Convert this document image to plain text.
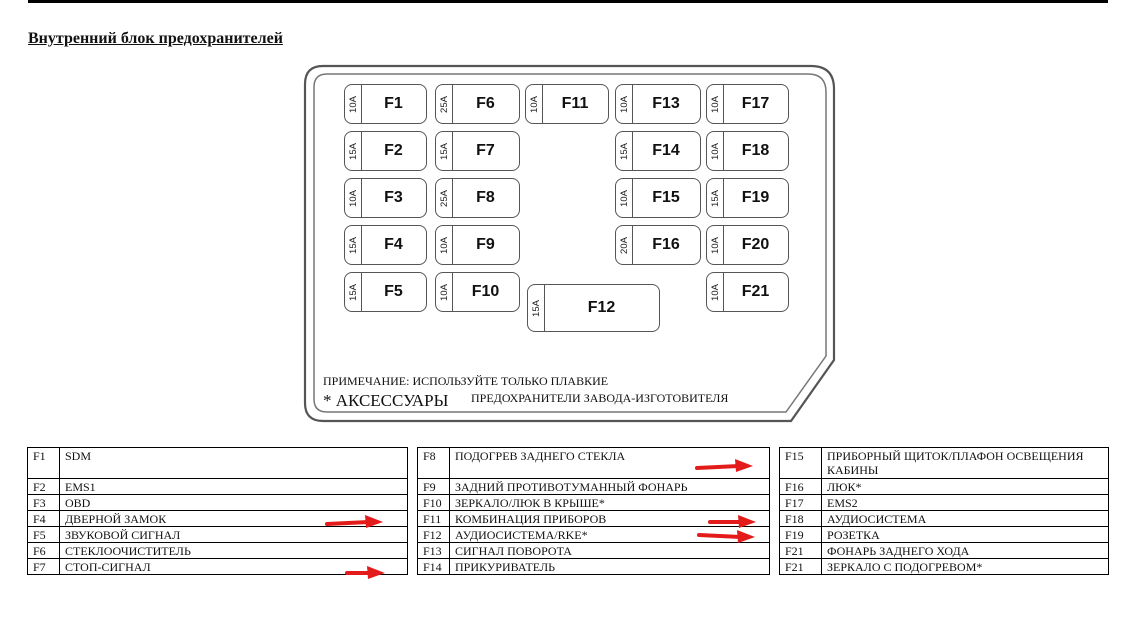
Внутренний блок предохранителей
10A	F1
15A	F2
10A	F3
15A	F4
15A	F5
25A	F6
15A	F7
25A	F8
10A	F9
10A	F10
10A	F11
15A	F12
10A	F13
15A	F14
10A	F15
20A	F16
10A	F17
10A	F18
15A	F19
10A	F20
10A	F21
ПРИМЕЧАНИЕ: ИСПОЛЬЗУЙТЕ ТОЛЬКО ПЛАВКИЕ
* АКСЕССУАРЫ ПРЕДОХРАНИТЕЛИ ЗАВОДА-ИЗГОТОВИТЕЛЯ
F1	SDM		F8	ПОДОГРЕВ ЗАДНЕГО СТЕКЛА		F15	ПРИБОРНЫЙ ЩИТОК/ПЛАФОН ОСВЕЩЕНИЯ КАБИНЫ
F2	EMS1		F9	ЗАДНИЙ ПРОТИВОТУМАННЫЙ ФОНАРЬ		F16	ЛЮК*
F3	OBD		F10	ЗЕРКАЛО/ЛЮК В КРЫШЕ*		F17	EMS2
F4	ДВЕРНОЙ ЗАМОК		F11	КОМБИНАЦИЯ ПРИБОРОВ		F18	АУДИОСИСТЕМА
F5	ЗВУКОВОЙ СИГНАЛ		F12	АУДИОСИСТЕМА/RKE*		F19	РОЗЕТКА
F6	СТЕКЛООЧИСТИТЕЛЬ		F13	СИГНАЛ ПОВОРОТА		F21	ФОНАРЬ ЗАДНЕГО ХОДА
F7	СТОП-СИГНАЛ		F14	ПРИКУРИВАТЕЛЬ		F21	ЗЕРКАЛО С ПОДОГРЕВОМ*
